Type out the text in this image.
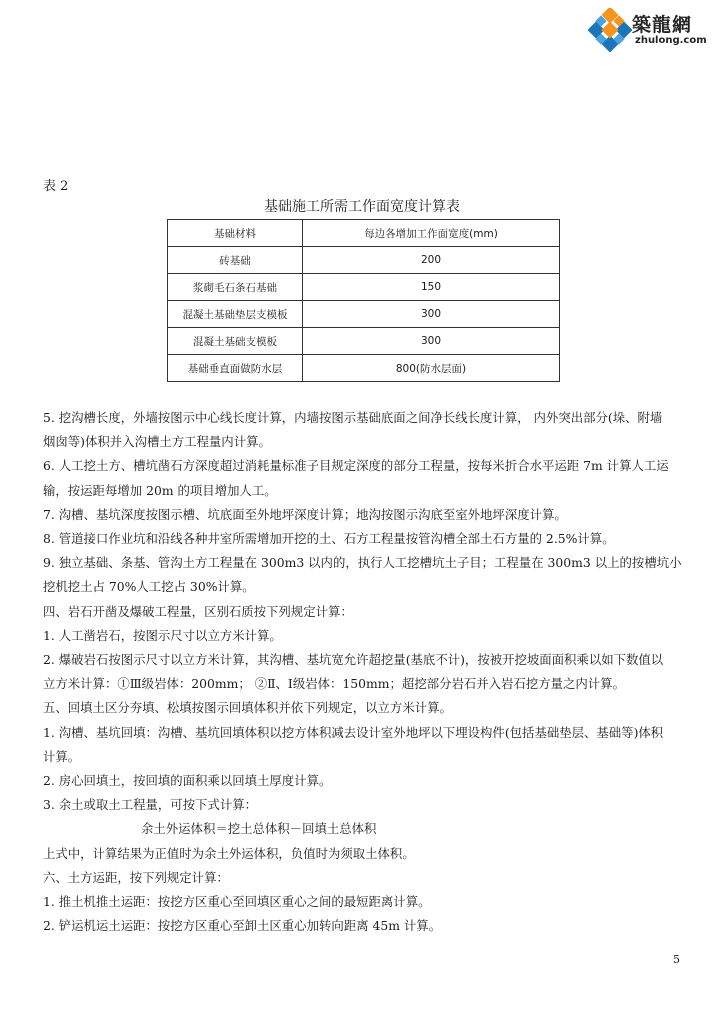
築龍網
zhulong.com
表 2
基础施工所需工作面宽度计算表
基础材料	每边各增加工作面宽度(mm)
砖基础	200
浆砌毛石条石基础	150
混凝土基础垫层支模板	300
混凝土基础支模板	300
基础垂直面做防水层	800(防水层面)

5. 挖沟槽长度，外墙按图示中心线长度计算，内墙按图示基础底面之间净长线长度计算， 内外突出部分(垛、附墙

烟囱等)体积并入沟槽土方工程量内计算。

6. 人工挖土方、槽坑凿石方深度超过消耗量标准子目规定深度的部分工程量，按每米折合水平运距 7m 计算人工运

输，按运距每增加 20m 的项目增加人工。

7. 沟槽、基坑深度按图示槽、坑底面至外地坪深度计算；地沟按图示沟底至室外地坪深度计算。

8. 管道接口作业坑和沿线各种井室所需增加开挖的土、石方工程量按管沟槽全部土石方量的 2.5%计算。

9. 独立基础、条基、管沟土方工程量在 300m3 以内的，执行人工挖槽坑土子目；工程量在 300m3 以上的按槽坑小

挖机挖土占 70%人工挖占 30%计算。

四、岩石开凿及爆破工程量，区别石质按下列规定计算：

1. 人工凿岩石，按图示尺寸以立方米计算。

2. 爆破岩石按图示尺寸以立方米计算，其沟槽、基坑宽允许超挖量(基底不计)，按被开挖坡面面积乘以如下数值以

立方米计算：①Ⅲ级岩体：200mm； ②Ⅱ、Ⅰ级岩体：150mm；超挖部分岩石并入岩石挖方量之内计算。

五、回填土区分夯填、松填按图示回填体积并依下列规定，以立方米计算。

1. 沟槽、基坑回填：沟槽、基坑回填体积以挖方体积减去设计室外地坪以下埋设构件(包括基础垫层、基础等)体积

计算。

2. 房心回填土，按回填的面积乘以回填土厚度计算。

3. 余土或取土工程量，可按下式计算：

余土外运体积＝挖土总体积－回填土总体积

上式中，计算结果为正值时为余土外运体积，负值时为须取土体积。

六、土方运距，按下列规定计算：

1. 推土机推土运距：按挖方区重心至回填区重心之间的最短距离计算。

2. 铲运机运土运距：按挖方区重心至卸土区重心加转向距离 45m 计算。

5
